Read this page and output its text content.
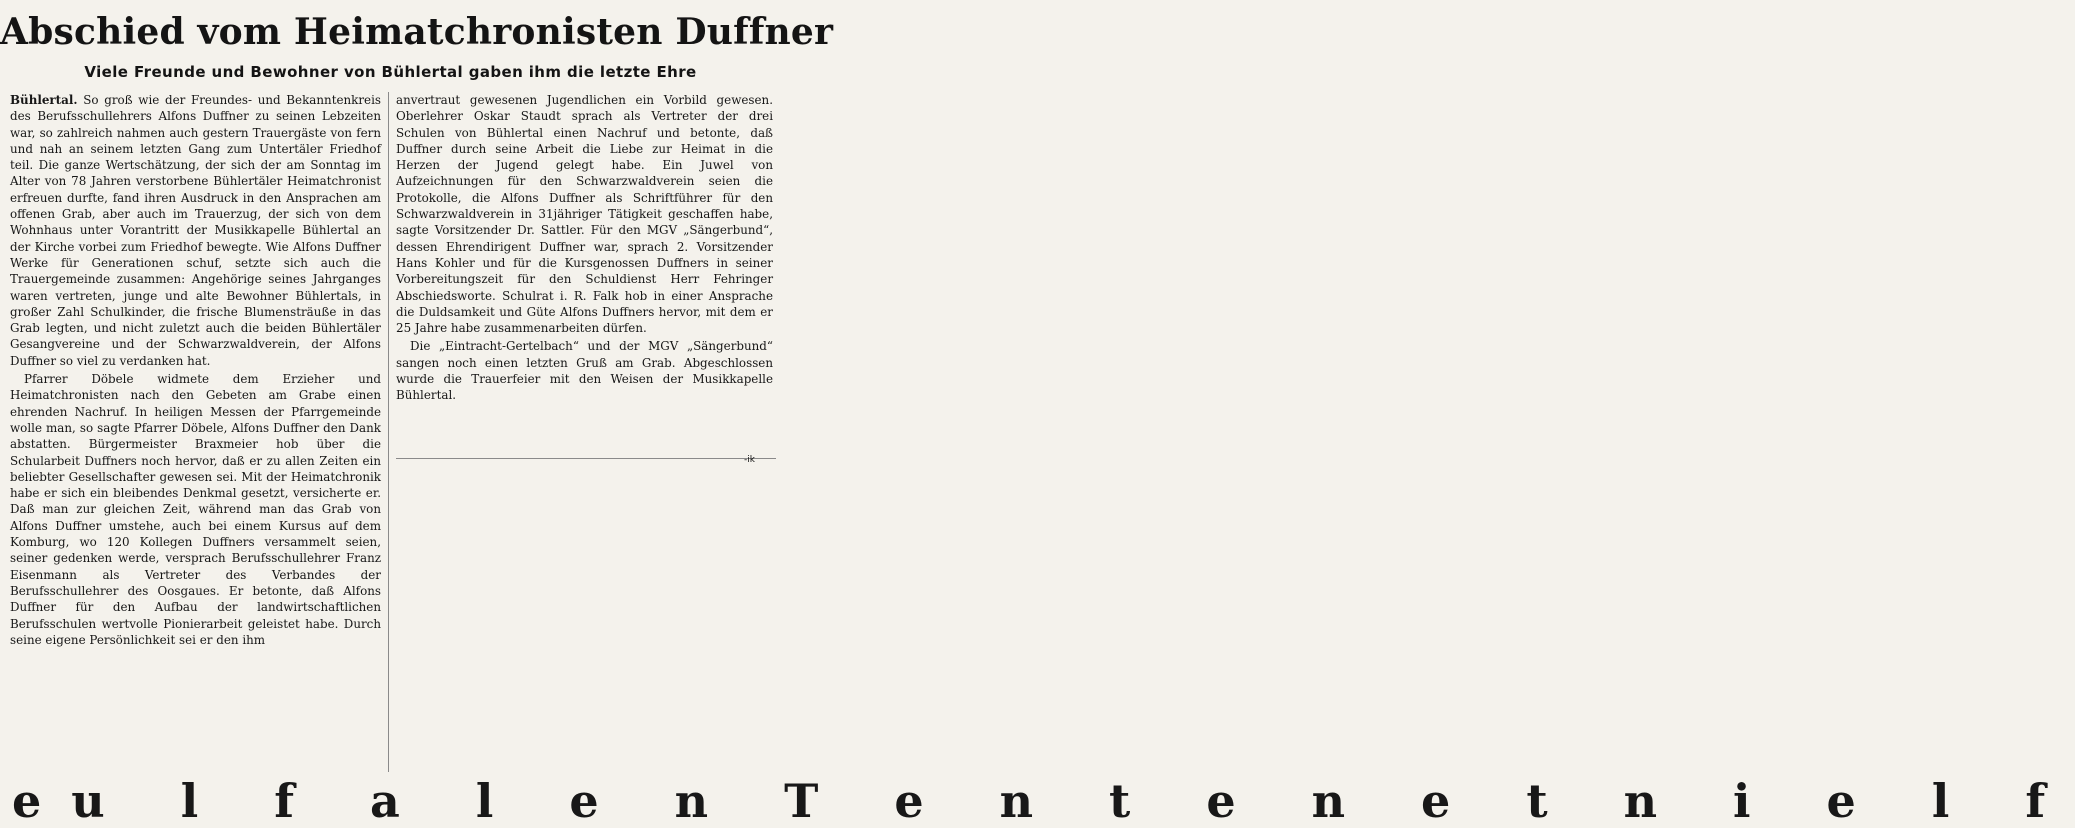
Abschied vom Heimatchronisten Duffner
Viele Freunde und Bewohner von Bühlertal gaben ihm die letzte Ehre

Bühlertal. So groß wie der Freundes- und Bekanntenkreis des Berufsschullehrers Alfons Duffner zu seinen Lebzeiten war, so zahlreich nahmen auch gestern Trauergäste von fern und nah an seinem letzten Gang zum Untertäler Friedhof teil. Die ganze Wertschätzung, der sich der am Sonntag im Alter von 78 Jahren verstorbene Bühlertäler Heimatchronist erfreuen durfte, fand ihren Ausdruck in den Ansprachen am offenen Grab, aber auch im Trauerzug, der sich von dem Wohnhaus unter Vorantritt der Musikkapelle Bühlertal an der Kirche vorbei zum Friedhof bewegte. Wie Alfons Duffner Werke für Generationen schuf, setzte sich auch die Trauergemeinde zusammen: Angehörige seines Jahrganges waren vertreten, junge und alte Bewohner Bühlertals, in großer Zahl Schulkinder, die frische Blumensträuße in das Grab legten, und nicht zuletzt auch die beiden Bühlertäler Gesangvereine und der Schwarzwaldverein, der Alfons Duffner so viel zu verdanken hat.

Pfarrer Döbele widmete dem Erzieher und Heimatchronisten nach den Gebeten am Grabe einen ehrenden Nachruf. In heiligen Messen der Pfarrgemeinde wolle man, so sagte Pfarrer Döbele, Alfons Duffner den Dank abstatten. Bürgermeister Braxmeier hob über die Schularbeit Duffners noch hervor, daß er zu allen Zeiten ein beliebter Gesellschafter gewesen sei. Mit der Heimatchronik habe er sich ein bleibendes Denkmal gesetzt, versicherte er. Daß man zur gleichen Zeit, während man das Grab von Alfons Duffner umstehe, auch bei einem Kursus auf dem Komburg, wo 120 Kollegen Duffners versammelt seien, seiner gedenken werde, versprach Berufsschullehrer Franz Eisenmann als Vertreter des Verbandes der Berufsschullehrer des Oosgaues. Er betonte, daß Alfons Duffner für den Aufbau der landwirtschaftlichen Berufsschulen wertvolle Pionierarbeit geleistet habe. Durch seine eigene Persönlichkeit sei er den ihm

anvertraut gewesenen Jugendlichen ein Vorbild gewesen. Oberlehrer Oskar Staudt sprach als Vertreter der drei Schulen von Bühlertal einen Nachruf und betonte, daß Duffner durch seine Arbeit die Liebe zur Heimat in die Herzen der Jugend gelegt habe. Ein Juwel von Aufzeichnungen für den Schwarzwaldverein seien die Protokolle, die Alfons Duffner als Schriftführer für den Schwarzwaldverein in 31jähriger Tätigkeit geschaffen habe, sagte Vorsitzender Dr. Sattler. Für den MGV „Sängerbund“, dessen Ehrendirigent Duffner war, sprach 2. Vorsitzender Hans Kohler und für die Kursgenossen Duffners in seiner Vorbereitungszeit für den Schuldienst Herr Fehringer Abschiedsworte. Schulrat i. R. Falk hob in einer Ansprache die Duldsamkeit und Güte Alfons Duffners hervor, mit dem er 25 Jahre habe zusammenarbeiten dürfen.

Die „Eintracht-Gertelbach“ und der MGV „Sängerbund“ sangen noch einen letzten Gruß am Grab. Abgeschlossen wurde die Trauerfeier mit den Weisen der Musikkapelle Bühlertal.

-ik
eu l f a l e n T e n t e n e t n i e l f
